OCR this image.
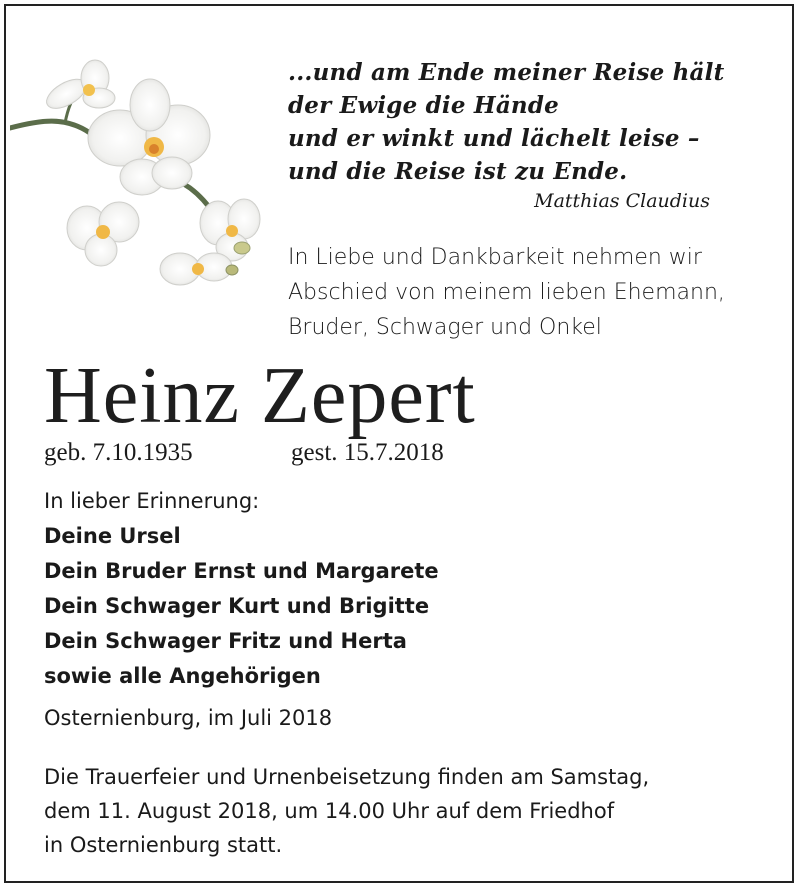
...und am Ende meiner Reise hält
der Ewige die Hände
und er winkt und lächelt leise –
und die Reise ist zu Ende.
Matthias Claudius
In Liebe und Dankbarkeit nehmen wir
Abschied von meinem lieben Ehemann,
Bruder, Schwager und Onkel
Heinz Zepert
geb. 7.10.1935	gest. 15.7.2018
In lieber Erinnerung:
Deine Ursel
Dein Bruder Ernst und Margarete
Dein Schwager Kurt und Brigitte
Dein Schwager Fritz und Herta
sowie alle Angehörigen
Osternienburg, im Juli 2018
Die Trauerfeier und Urnenbeisetzung finden am Samstag,
dem 11. August 2018, um 14.00 Uhr auf dem Friedhof
in Osternienburg statt.
